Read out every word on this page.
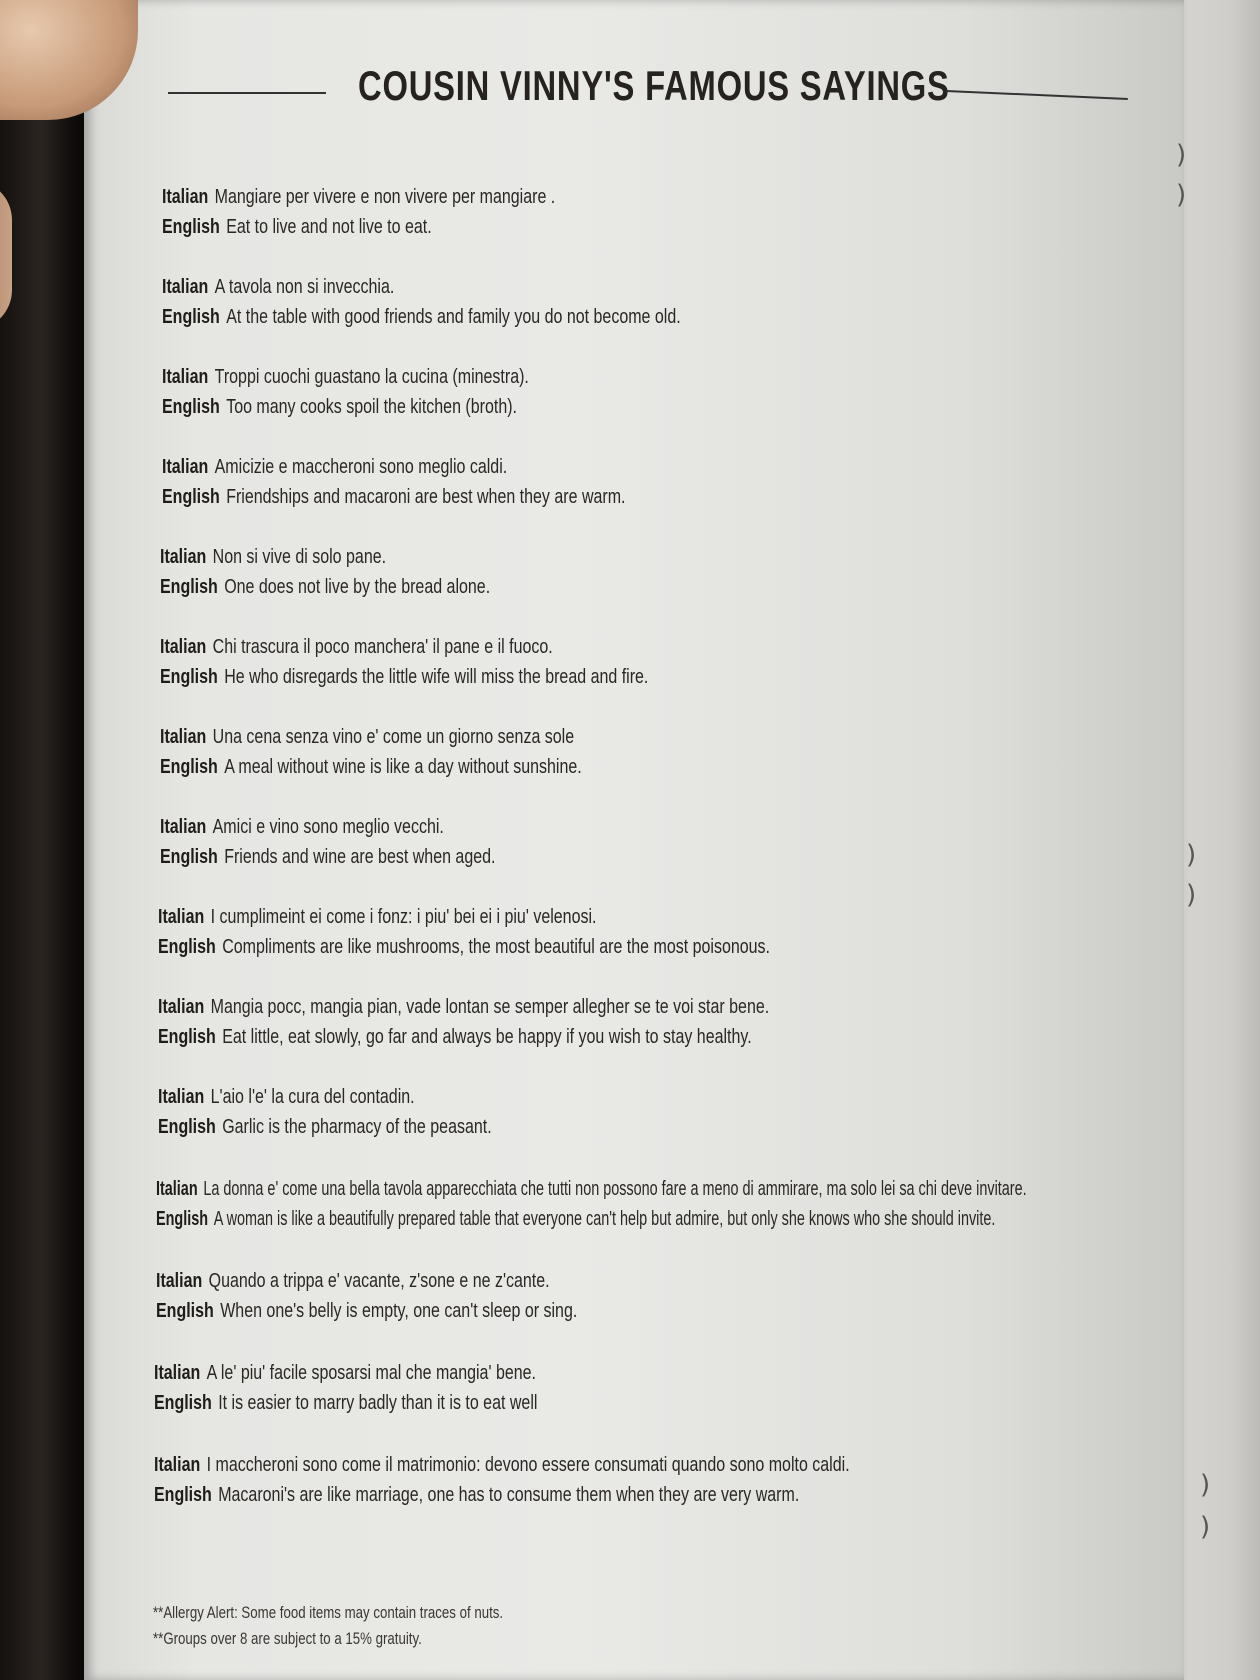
)
)
)
)
)
)
COUSIN VINNY'S FAMOUS SAYINGS
Italian Mangiare per vivere e non vivere per mangiare .
English Eat to live and not live to eat.
Italian A tavola non si invecchia.
English At the table with good friends and family you do not become old.
Italian Troppi cuochi guastano la cucina (minestra).
English Too many cooks spoil the kitchen (broth).
Italian Amicizie e maccheroni sono meglio caldi.
English Friendships and macaroni are best when they are warm.
Italian Non si vive di solo pane.
English One does not live by the bread alone.
Italian Chi trascura il poco manchera' il pane e il fuoco.
English He who disregards the little wife will miss the bread and fire.
Italian Una cena senza vino e' come un giorno senza sole
English A meal without wine is like a day without sunshine.
Italian Amici e vino sono meglio vecchi.
English Friends and wine are best when aged.
Italian I cumplimeint ei come i fonz: i piu' bei ei i piu' velenosi.
English Compliments are like mushrooms, the most beautiful are the most poisonous.
Italian Mangia pocc, mangia pian, vade lontan se semper allegher se te voi star bene.
English Eat little, eat slowly, go far and always be happy if you wish to stay healthy.
Italian L'aio l'e' la cura del contadin.
English Garlic is the pharmacy of the peasant.
Italian La donna e' come una bella tavola apparecchiata che tutti non possono fare a meno di ammirare, ma solo lei sa chi deve invitare.
English A woman is like a beautifully prepared table that everyone can't help but admire, but only she knows who she should invite.
Italian Quando a trippa e' vacante, z'sone e ne z'cante.
English When one's belly is empty, one can't sleep or sing.
Italian A le' piu' facile sposarsi mal che mangia' bene.
English It is easier to marry badly than it is to eat well
Italian I maccheroni sono come il matrimonio: devono essere consumati quando sono molto caldi.
English Macaroni's are like marriage, one has to consume them when they are very warm.
**Allergy Alert: Some food items may contain traces of nuts.
**Groups over 8 are subject to a 15% gratuity.
